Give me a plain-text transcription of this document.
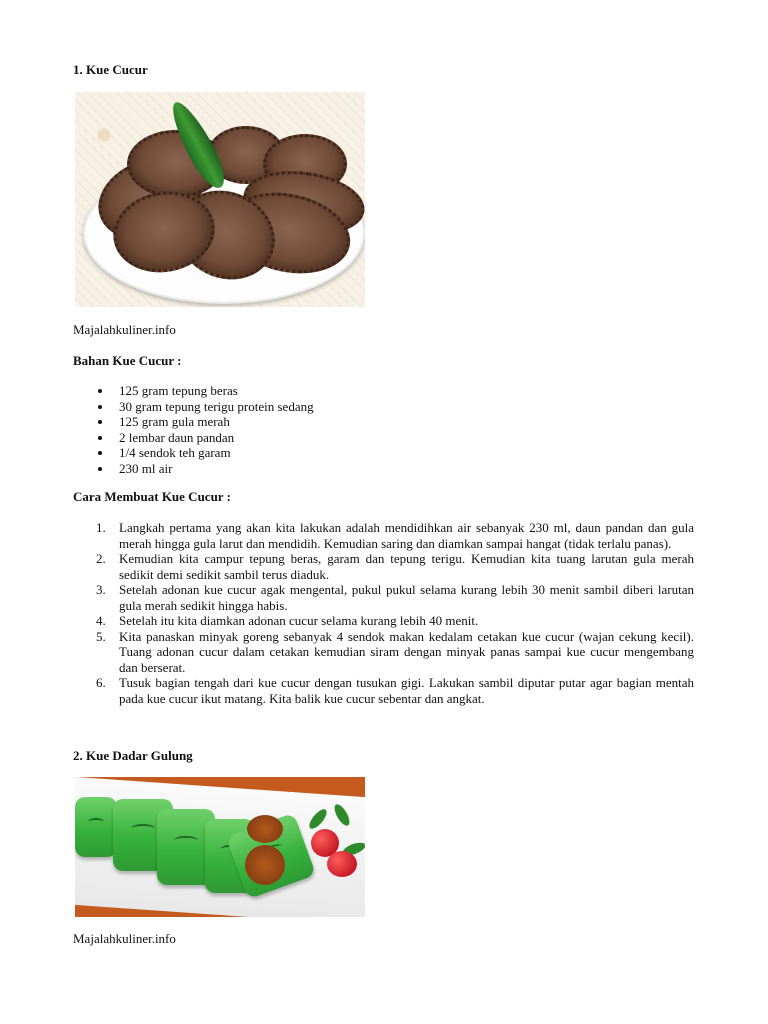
1. Kue Cucur
Majalahkuliner.info
Bahan Kue Cucur :
125 gram tepung beras
30 gram tepung terigu protein sedang
125 gram gula merah
2 lembar daun pandan
1/4 sendok teh garam
230 ml air
Cara Membuat Kue Cucur :
1. Langkah pertama yang akan kita lakukan adalah mendidihkan air sebanyak 230 ml, daun pandan dan gula merah hingga gula larut dan mendidih. Kemudian saring dan diamkan sampai hangat (tidak terlalu panas).
2. Kemudian kita campur tepung beras, garam dan tepung terigu. Kemudian kita tuang larutan gula merah sedikit demi sedikit sambil terus diaduk.
3. Setelah adonan kue cucur agak mengental, pukul pukul selama kurang lebih 30 menit sambil diberi larutan gula merah sedikit hingga habis.
4. Setelah itu kita diamkan adonan cucur selama kurang lebih 40 menit.
5. Kita panaskan minyak goreng sebanyak 4 sendok makan kedalam cetakan kue cucur (wajan cekung kecil).
Tuang adonan cucur dalam cetakan kemudian siram dengan minyak panas sampai kue cucur mengembang dan berserat.
6. Tusuk bagian tengah dari kue cucur dengan tusukan gigi. Lakukan sambil diputar putar agar bagian mentah pada kue cucur ikut matang. Kita balik kue cucur sebentar dan angkat.
2. Kue Dadar Gulung
Majalahkuliner.info
